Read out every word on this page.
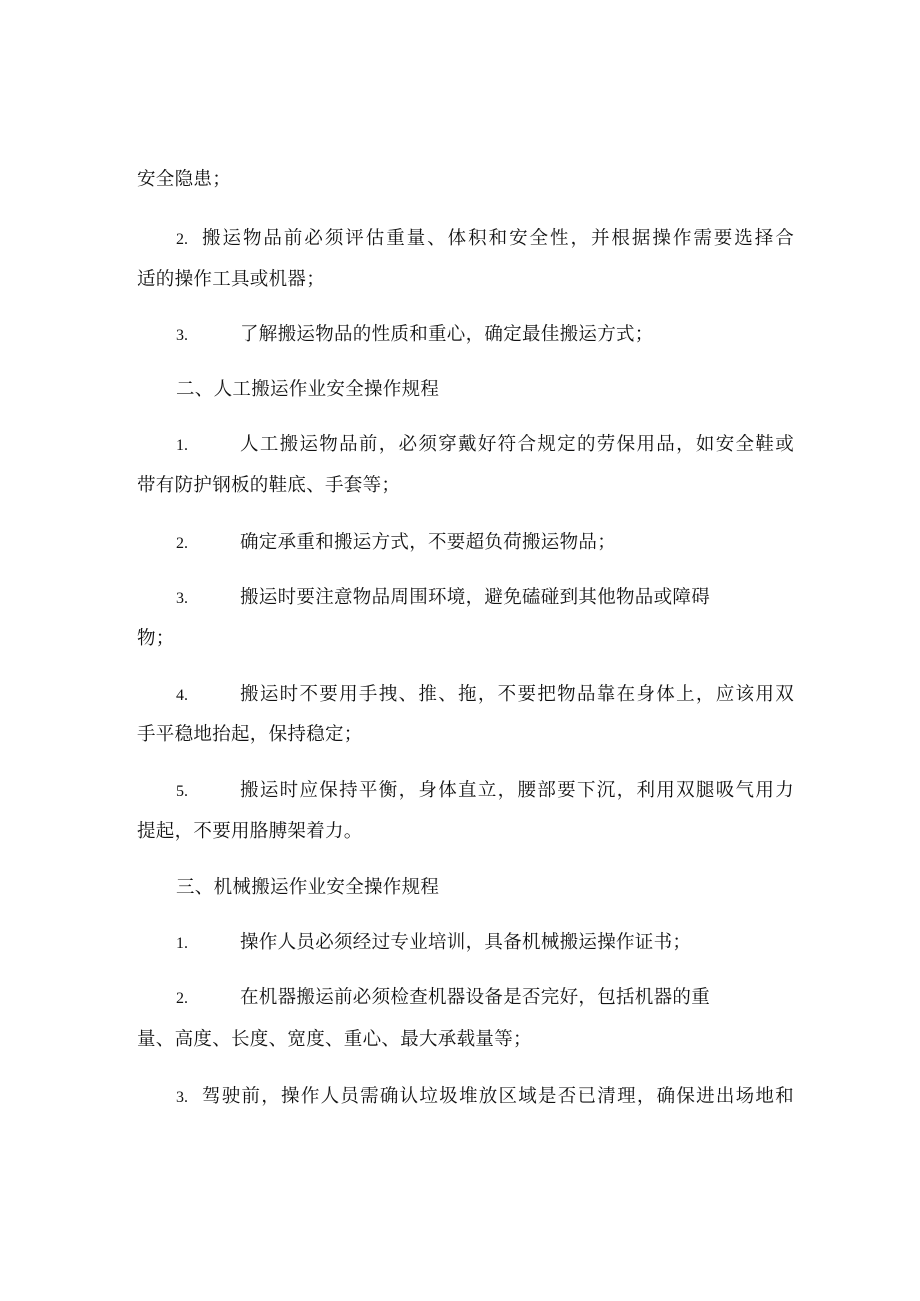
安全隐患；
2. 搬运物品前必须评估重量、体积和安全性，并根据操作需要选择合
适的操作工具或机器；
3.	了解搬运物品的性质和重心，确定最佳搬运方式；
二、人工搬运作业安全操作规程
1.	人工搬运物品前，必须穿戴好符合规定的劳保用品，如安全鞋或
带有防护钢板的鞋底、手套等；
2.	确定承重和搬运方式，不要超负荷搬运物品；
3.	搬运时要注意物品周围环境，避免磕碰到其他物品或障碍
物；
4.	搬运时不要用手拽、推、拖，不要把物品靠在身体上，应该用双
手平稳地抬起，保持稳定；
5.	搬运时应保持平衡，身体直立，腰部要下沉，利用双腿吸气用力
提起，不要用胳膊架着力。
三、机械搬运作业安全操作规程
1.	操作人员必须经过专业培训，具备机械搬运操作证书；
2.	在机器搬运前必须检查机器设备是否完好，包括机器的重
量、高度、长度、宽度、重心、最大承载量等；
3. 驾驶前，操作人员需确认垃圾堆放区域是否已清理，确保进出场地和
